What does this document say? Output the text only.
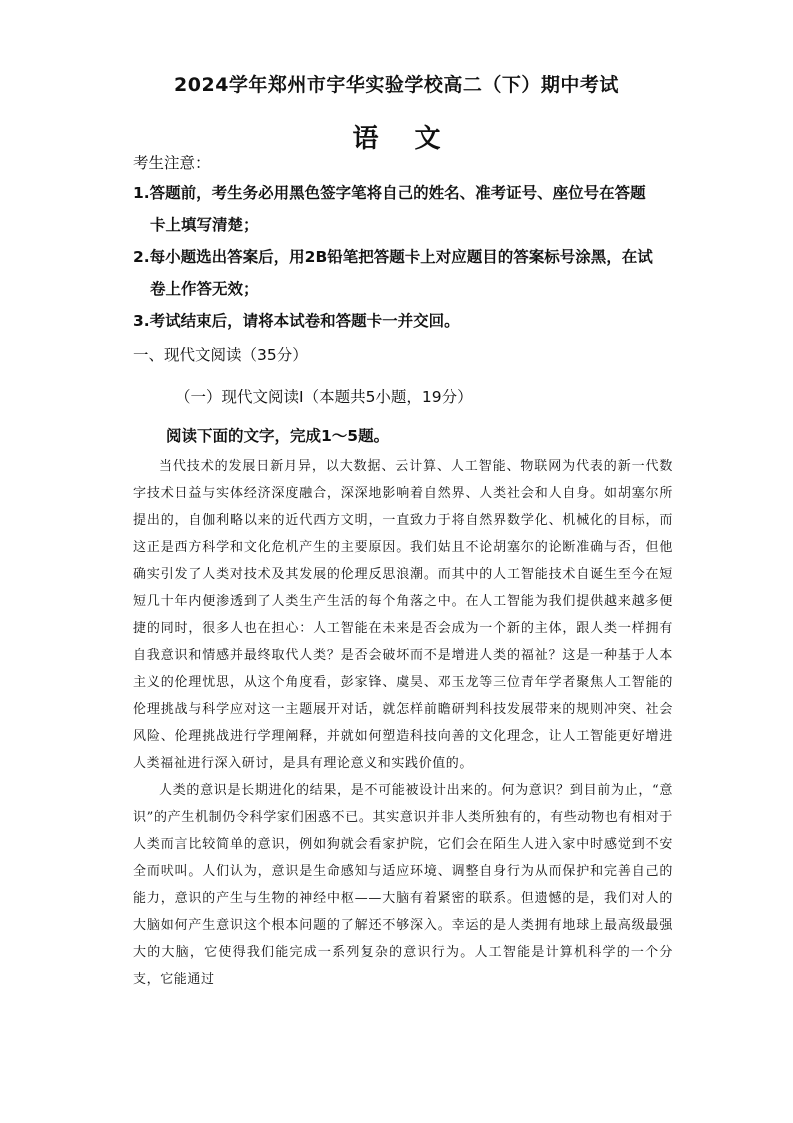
2024学年郑州市宇华实验学校高二（下）期中考试
语 文
考生注意：
1.答题前，考生务必用黑色签字笔将自己的姓名、准考证号、座位号在答题
卡上填写清楚；
2.每小题选出答案后，用2B铅笔把答题卡上对应题目的答案标号涂黑，在试
卷上作答无效；
3.考试结束后，请将本试卷和答题卡一并交回。
一、现代文阅读（35分）
（一）现代文阅读Ⅰ（本题共5小题，19分）
阅读下面的文字，完成1～5题。

当代技术的发展日新月异，以大数据、云计算、人工智能、物联网为代表的新一代数字技术日益与实体经济深度融合，深深地影响着自然界、人类社会和人自身。如胡塞尔所提出的，自伽利略以来的近代西方文明，一直致力于将自然界数学化、机械化的目标，而这正是西方科学和文化危机产生的主要原因。我们姑且不论胡塞尔的论断准确与否，但他确实引发了人类对技术及其发展的伦理反思浪潮。而其中的人工智能技术自诞生至今在短短几十年内便渗透到了人类生产生活的每个角落之中。在人工智能为我们提供越来越多便捷的同时，很多人也在担心：人工智能在未来是否会成为一个新的主体，跟人类一样拥有自我意识和情感并最终取代人类？是否会破坏而不是增进人类的福祉？这是一种基于人本主义的伦理忧思，从这个角度看，彭家锋、虞昊、邓玉龙等三位青年学者聚焦人工智能的伦理挑战与科学应对这一主题展开对话，就怎样前瞻研判科技发展带来的规则冲突、社会风险、伦理挑战进行学理阐释，并就如何塑造科技向善的文化理念，让人工智能更好增进人类福祉进行深入研讨，是具有理论意义和实践价值的。

人类的意识是长期进化的结果，是不可能被设计出来的。何为意识？到目前为止，“意识”的产生机制仍令科学家们困惑不已。其实意识并非人类所独有的，有些动物也有相对于人类而言比较简单的意识，例如狗就会看家护院，它们会在陌生人进入家中时感觉到不安全而吠叫。人们认为，意识是生命感知与适应环境、调整自身行为从而保护和完善自己的能力，意识的产生与生物的神经中枢——大脑有着紧密的联系。但遗憾的是，我们对人的大脑如何产生意识这个根本问题的了解还不够深入。幸运的是人类拥有地球上最高级最强大的大脑，它使得我们能完成一系列复杂的意识行为。人工智能是计算机科学的一个分支，它能通过
